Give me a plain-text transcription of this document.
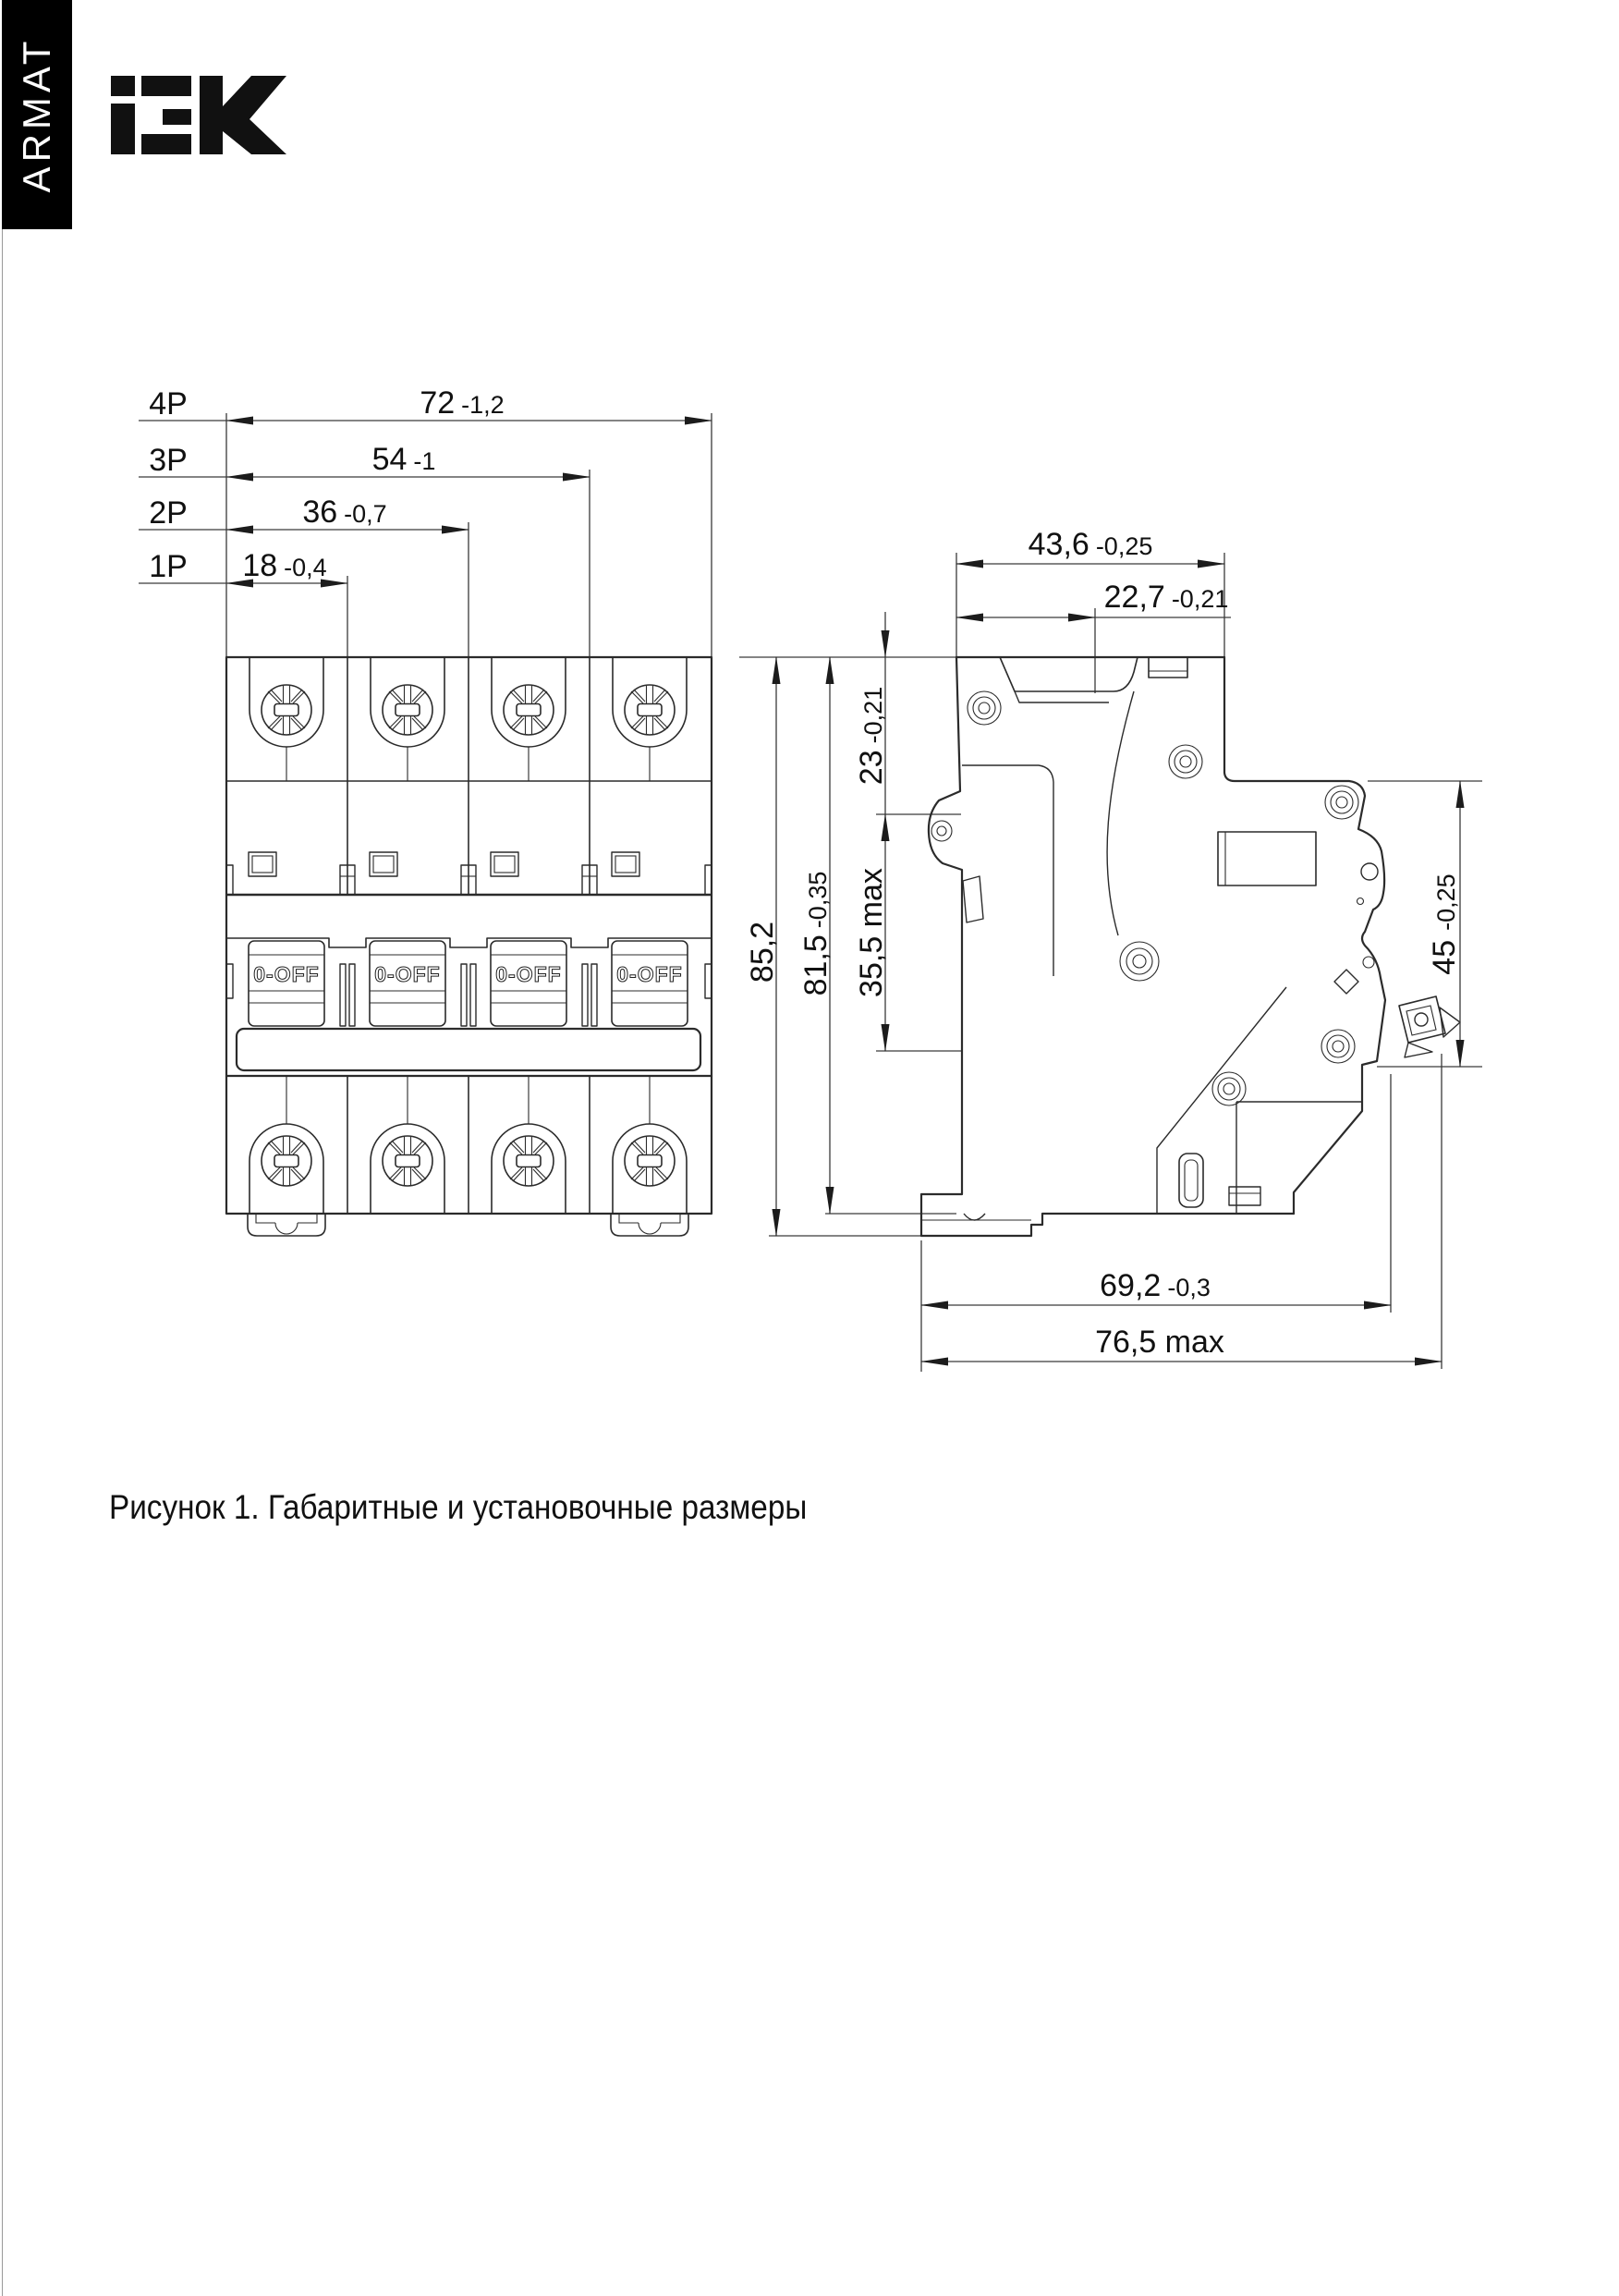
ARMAT
4P	72 -1,2
3P	54 -1
2P	36 -0,7
1P 18 -0,4
0-OFF	0-OFF	0-OFF	0-OFF 85,2 81,5-0,35 35,5 max
23-0,21
43,6 -0,25
22,7 -0,21
45-0,25
69,2 -0,3
76,5 max
Рисунок 1. Габаритные и установочные размеры
